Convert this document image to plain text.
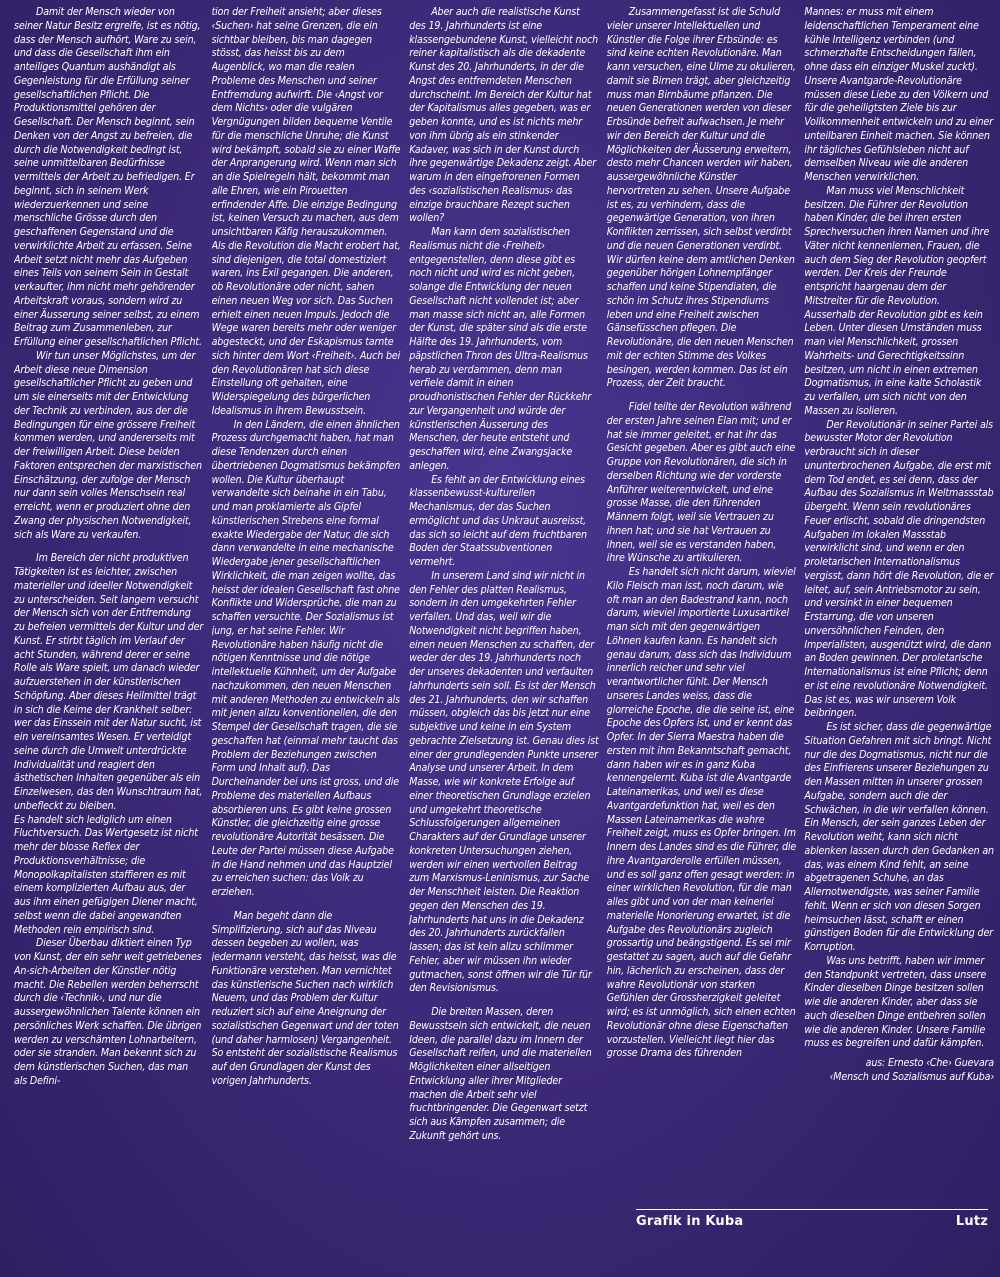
Damit der Mensch wieder von seiner Natur Besitz ergreife, ist es nötig, dass der Mensch aufhört, Ware zu sein, und dass die Gesellschaft ihm ein anteiliges Quantum aushändigt als Gegenleistung für die Erfüllung seiner gesellschaftlichen Pflicht. Die Produktionsmittel gehören der Gesellschaft. Der Mensch beginnt, sein Denken von der Angst zu befreien, die durch die Notwendigkeit bedingt ist, seine unmittelbaren Bedürfnisse vermittels der Arbeit zu befriedigen. Er beginnt, sich in seinem Werk wiederzuerkennen und seine menschliche Grösse durch den geschaffenen Gegenstand und die verwirklichte Arbeit zu erfassen. Seine Arbeit setzt nicht mehr das Aufgeben eines Teils von seinem Sein in Gestalt verkaufter, ihm nicht mehr gehörender Arbeitskraft voraus, sondern wird zu einer Äusserung seiner selbst, zu einem Beitrag zum Zusammenleben, zur Erfüllung einer gesellschaftlichen Pflicht.

Wir tun unser Möglichstes, um der Arbeit diese neue Dimension gesellschaftlicher Pflicht zu geben und um sie einerseits mit der Entwicklung der Technik zu verbinden, aus der die Bedingungen für eine grössere Freiheit kommen werden, und andererseits mit der freiwilligen Arbeit. Diese beiden Faktoren entsprechen der marxistischen Einschätzung, der zufolge der Mensch nur dann sein volles Menschsein real erreicht, wenn er produziert ohne den Zwang der physischen Notwendigkeit, sich als Ware zu verkaufen.

Im Bereich der nicht produktiven Tätigkeiten ist es leichter, zwischen materieller und ideeller Notwendigkeit zu unterscheiden. Seit langem versucht der Mensch sich von der Entfremdung zu befreien vermittels der Kultur und der Kunst. Er stirbt täglich im Verlauf der acht Stunden, während derer er seine Rolle als Ware spielt, um danach wieder aufzuerstehen in der künstlerischen Schöpfung. Aber dieses Heilmittel trägt in sich die Keime der Krankheit selber: wer das Einssein mit der Natur sucht, ist ein vereinsamtes Wesen. Er verteidigt seine durch die Umwelt unterdrückte Individualität und reagiert den ästhetischen Inhalten gegenüber als ein Einzelwesen, das den Wunschtraum hat, unbefleckt zu bleiben.

Es handelt sich lediglich um einen Fluchtversuch. Das Wertgesetz ist nicht mehr der blosse Reflex der Produktionsverhältnisse; die Monopolkapitalisten staffieren es mit einem komplizierten Aufbau aus, der aus ihm einen gefügigen Diener macht, selbst wenn die dabei angewandten Methoden rein empirisch sind.

Dieser Überbau diktiert einen Typ von Kunst, der ein sehr weit getriebenes An-sich-Arbeiten der Künstler nötig macht. Die Rebellen werden beherrscht durch die ‹Technik›, und nur die aussergewöhnlichen Talente können ein persönliches Werk schaffen. Die übrigen werden zu verschämten Lohnarbeitern, oder sie stranden. Man bekennt sich zu dem künstlerischen Suchen, das man als Defini-

tion der Freiheit ansieht; aber dieses ‹Suchen› hat seine Grenzen, die ein sichtbar bleiben, bis man dagegen stösst, das heisst bis zu dem Augenblick, wo man die realen Probleme des Menschen und seiner Entfremdung aufwirft. Die ‹Angst vor dem Nichts› oder die vulgären Vergnügungen bilden bequeme Ventile für die menschliche Unruhe; die Kunst wird bekämpft, sobald sie zu einer Waffe der Anprangerung wird. Wenn man sich an die Spielregeln hält, bekommt man alle Ehren, wie ein Pirouetten erfindender Affe. Die einzige Bedingung ist, keinen Versuch zu machen, aus dem unsichtbaren Käfig herauszukommen. Als die Revolution die Macht erobert hat, sind diejenigen, die total domestiziert waren, ins Exil gegangen. Die anderen, ob Revolutionäre oder nicht, sahen einen neuen Weg vor sich. Das Suchen erhielt einen neuen Impuls. Jedoch die Wege waren bereits mehr oder weniger abgesteckt, und der Eskapismus tarnte sich hinter dem Wort ‹Freiheit›. Auch bei den Revolutionären hat sich diese Einstellung oft gehalten, eine Widerspiegelung des bürgerlichen Idealismus in ihrem Bewusstsein.

In den Ländern, die einen ähnlichen Prozess durchgemacht haben, hat man diese Tendenzen durch einen übertriebenen Dogmatismus bekämpfen wollen. Die Kultur überhaupt verwandelte sich beinahe in ein Tabu, und man proklamierte als Gipfel künstlerischen Strebens eine formal exakte Wiedergabe der Natur, die sich dann verwandelte in eine mechanische Wiedergabe jener gesellschaftlichen Wirklichkeit, die man zeigen wollte, das heisst der idealen Gesellschaft fast ohne Konflikte und Widersprüche, die man zu schaffen versuchte. Der Sozialismus ist jung, er hat seine Fehler. Wir Revolutionäre haben häufig nicht die nötigen Kenntnisse und die nötige intellektuelle Kühnheit, um der Aufgabe nachzukommen, den neuen Menschen mit anderen Methoden zu entwickeln als mit jenen allzu konventionellen, die den Stempel der Gesellschaft tragen, die sie geschaffen hat (einmal mehr taucht das Problem der Beziehungen zwischen Form und Inhalt auf). Das Durcheinander bei uns ist gross, und die Probleme des materiellen Aufbaus absorbieren uns. Es gibt keine grossen Künstler, die gleichzeitig eine grosse revolutionäre Autorität besässen. Die Leute der Partei müssen diese Aufgabe in die Hand nehmen und das Hauptziel zu erreichen suchen: das Volk zu erziehen.

Man begeht dann die Simplifizierung, sich auf das Niveau dessen begeben zu wollen, was jedermann versteht, das heisst, was die Funktionäre verstehen. Man vernichtet das künstlerische Suchen nach wirklich Neuem, und das Problem der Kultur reduziert sich auf eine Aneignung der sozialistischen Gegenwart und der toten (und daher harmlosen) Vergangenheit. So entsteht der sozialistische Realismus auf den Grundlagen der Kunst des vorigen Jahrhunderts.

Aber auch die realistische Kunst des 19. Jahrhunderts ist eine klassengebundene Kunst, vielleicht noch reiner kapitalistisch als die dekadente Kunst des 20. Jahrhunderts, in der die Angst des entfremdeten Menschen durchscheint. Im Bereich der Kultur hat der Kapitalismus alles gegeben, was er geben konnte, und es ist nichts mehr von ihm übrig als ein stinkender Kadaver, was sich in der Kunst durch ihre gegenwärtige Dekadenz zeigt. Aber warum in den eingefrorenen Formen des ‹sozialistischen Realismus› das einzige brauchbare Rezept suchen wollen?

Man kann dem sozialistischen Realismus nicht die ‹Freiheit› entgegenstellen, denn diese gibt es noch nicht und wird es nicht geben, solange die Entwicklung der neuen Gesellschaft nicht vollendet ist; aber man masse sich nicht an, alle Formen der Kunst, die später sind als die erste Hälfte des 19. Jahrhunderts, vom päpstlichen Thron des Ultra-Realismus herab zu verdammen, denn man verfiele damit in einen proudhonistischen Fehler der Rückkehr zur Vergangenheit und würde der künstlerischen Äusserung des Menschen, der heute entsteht und geschaffen wird, eine Zwangsjacke anlegen.

Es fehlt an der Entwicklung eines klassenbewusst-kulturellen Mechanismus, der das Suchen ermöglicht und das Unkraut ausreisst, das sich so leicht auf dem fruchtbaren Boden der Staatssubventionen vermehrt.

In unserem Land sind wir nicht in den Fehler des platten Realismus, sondern in den umgekehrten Fehler verfallen. Und das, weil wir die Notwendigkeit nicht begriffen haben, einen neuen Menschen zu schaffen, der weder der des 19. Jahrhunderts noch der unseres dekadenten und verfaulten Jahrhunderts sein soll. Es ist der Mensch des 21. Jahrhunderts, den wir schaffen müssen, obgleich das bis jetzt nur eine subjektive und keine in ein System gebrachte Zielsetzung ist. Genau dies ist einer der grundlegenden Punkte unserer Analyse und unserer Arbeit. In dem Masse, wie wir konkrete Erfolge auf einer theoretischen Grundlage erzielen und umgekehrt theoretische Schlussfolgerungen allgemeinen Charakters auf der Grundlage unserer konkreten Untersuchungen ziehen, werden wir einen wertvollen Beitrag zum Marxismus-Leninismus, zur Sache der Menschheit leisten. Die Reaktion gegen den Menschen des 19. Jahrhunderts hat uns in die Dekadenz des 20. Jahrhunderts zurückfallen lassen; das ist kein allzu schlimmer Fehler, aber wir müssen ihn wieder gutmachen, sonst öffnen wir die Tür für den Revisionismus.

Die breiten Massen, deren Bewusstsein sich entwickelt, die neuen Ideen, die parallel dazu im Innern der Gesellschaft reifen, und die materiellen Möglichkeiten einer allseitigen Entwicklung aller ihrer Mitglieder machen die Arbeit sehr viel fruchtbringender. Die Gegenwart setzt sich aus Kämpfen zusammen; die Zukunft gehört uns.

Zusammengefasst ist die Schuld vieler unserer Intellektuellen und Künstler die Folge ihrer Erbsünde: es sind keine echten Revolutionäre. Man kann versuchen, eine Ulme zu okulieren, damit sie Birnen trägt, aber gleichzeitig muss man Birnbäume pflanzen. Die neuen Generationen werden von dieser Erbsünde befreit aufwachsen. Je mehr wir den Bereich der Kultur und die Möglichkeiten der Äusserung erweitern, desto mehr Chancen werden wir haben, aussergewöhnliche Künstler hervortreten zu sehen. Unsere Aufgabe ist es, zu verhindern, dass die gegenwärtige Generation, von ihren Konflikten zerrissen, sich selbst verdirbt und die neuen Generationen verdirbt. Wir dürfen keine dem amtlichen Denken gegenüber hörigen Lohnempfänger schaffen und keine Stipendiaten, die schön im Schutz ihres Stipendiums leben und eine Freiheit zwischen Gänsefüsschen pflegen. Die Revolutionäre, die den neuen Menschen mit der echten Stimme des Volkes besingen, werden kommen. Das ist ein Prozess, der Zeit braucht.

Fidel teilte der Revolution während der ersten Jahre seinen Elan mit; und er hat sie immer geleitet, er hat ihr das Gesicht gegeben. Aber es gibt auch eine Gruppe von Revolutionären, die sich in derselben Richtung wie der vorderste Anführer weiterentwickelt, und eine grosse Masse, die den führenden Männern folgt, weil sie Vertrauen zu ihnen hat; und sie hat Vertrauen zu ihnen, weil sie es verstanden haben, ihre Wünsche zu artikulieren.

Es handelt sich nicht darum, wieviel Kilo Fleisch man isst, noch darum, wie oft man an den Badestrand kann, noch darum, wieviel importierte Luxusartikel man sich mit den gegenwärtigen Löhnen kaufen kann. Es handelt sich genau darum, dass sich das Individuum innerlich reicher und sehr viel verantwortlicher fühlt. Der Mensch unseres Landes weiss, dass die glorreiche Epoche, die die seine ist, eine Epoche des Opfers ist, und er kennt das Opfer. In der Sierra Maestra haben die ersten mit ihm Bekanntschaft gemacht, dann haben wir es in ganz Kuba kennengelernt. Kuba ist die Avantgarde Lateinamerikas, und weil es diese Avantgardefunktion hat, weil es den Massen Lateinamerikas die wahre Freiheit zeigt, muss es Opfer bringen. Im Innern des Landes sind es die Führer, die ihre Avantgarderolle erfüllen müssen, und es soll ganz offen gesagt werden: in einer wirklichen Revolution, für die man alles gibt und von der man keinerlei materielle Honorierung erwartet, ist die Aufgabe des Revolutionärs zugleich grossartig und beängstigend. Es sei mir gestattet zu sagen, auch auf die Gefahr hin, lächerlich zu erscheinen, dass der wahre Revolutionär von starken Gefühlen der Grossherzigkeit geleitet wird; es ist unmöglich, sich einen echten Revolutionär ohne diese Eigenschaften vorzustellen. Vielleicht liegt hier das grosse Drama des führenden

Mannes: er muss mit einem leidenschaftlichen Temperament eine kühle Intelligenz verbinden (und schmerzhafte Entscheidungen fällen, ohne dass ein einziger Muskel zuckt). Unsere Avantgarde-Revolutionäre müssen diese Liebe zu den Völkern und für die geheiligtsten Ziele bis zur Vollkommenheit entwickeln und zu einer unteilbaren Einheit machen. Sie können ihr tägliches Gefühlsleben nicht auf demselben Niveau wie die anderen Menschen verwirklichen.

Man muss viel Menschlichkeit besitzen. Die Führer der Revolution haben Kinder, die bei ihren ersten Sprechversuchen ihren Namen und ihre Väter nicht kennenlernen, Frauen, die auch dem Sieg der Revolution geopfert werden. Der Kreis der Freunde entspricht haargenau dem der Mitstreiter für die Revolution. Ausserhalb der Revolution gibt es kein Leben. Unter diesen Umständen muss man viel Menschlichkeit, grossen Wahrheits- und Gerechtigkeitssinn besitzen, um nicht in einen extremen Dogmatismus, in eine kalte Scholastik zu verfallen, um sich nicht von den Massen zu isolieren.

Der Revolutionär in seiner Partei als bewusster Motor der Revolution verbraucht sich in dieser ununterbrochenen Aufgabe, die erst mit dem Tod endet, es sei denn, dass der Aufbau des Sozialismus in Weltmassstab übergeht. Wenn sein revolutionäres Feuer erlischt, sobald die dringendsten Aufgaben im lokalen Massstab verwirklicht sind, und wenn er den proletarischen Internationalismus vergisst, dann hört die Revolution, die er leitet, auf, sein Antriebsmotor zu sein, und versinkt in einer bequemen Erstarrung, die von unseren unversöhnlichen Feinden, den Imperialisten, ausgenützt wird, die dann an Boden gewinnen. Der proletarische Internationalismus ist eine Pflicht; denn er ist eine revolutionäre Notwendigkeit. Das ist es, was wir unserem Volk beibringen.

Es ist sicher, dass die gegenwärtige Situation Gefahren mit sich bringt. Nicht nur die des Dogmatismus, nicht nur die des Einfrierens unserer Beziehungen zu den Massen mitten in unserer grossen Aufgabe, sondern auch die der Schwächen, in die wir verfallen können. Ein Mensch, der sein ganzes Leben der Revolution weiht, kann sich nicht ablenken lassen durch den Gedanken an das, was einem Kind fehlt, an seine abgetragenen Schuhe, an das Allernotwendigste, was seiner Familie fehlt. Wenn er sich von diesen Sorgen heimsuchen lässt, schafft er einen günstigen Boden für die Entwicklung der Korruption.

Was uns betrifft, haben wir immer den Standpunkt vertreten, dass unsere Kinder dieselben Dinge besitzen sollen wie die anderen Kinder, aber dass sie auch dieselben Dinge entbehren sollen wie die anderen Kinder. Unsere Familie muss es begreifen und dafür kämpfen.

aus: Ernesto ‹Che› Guevara
‹Mensch und Sozialismus auf Kuba›
Grafik in Kuba	Lutz
